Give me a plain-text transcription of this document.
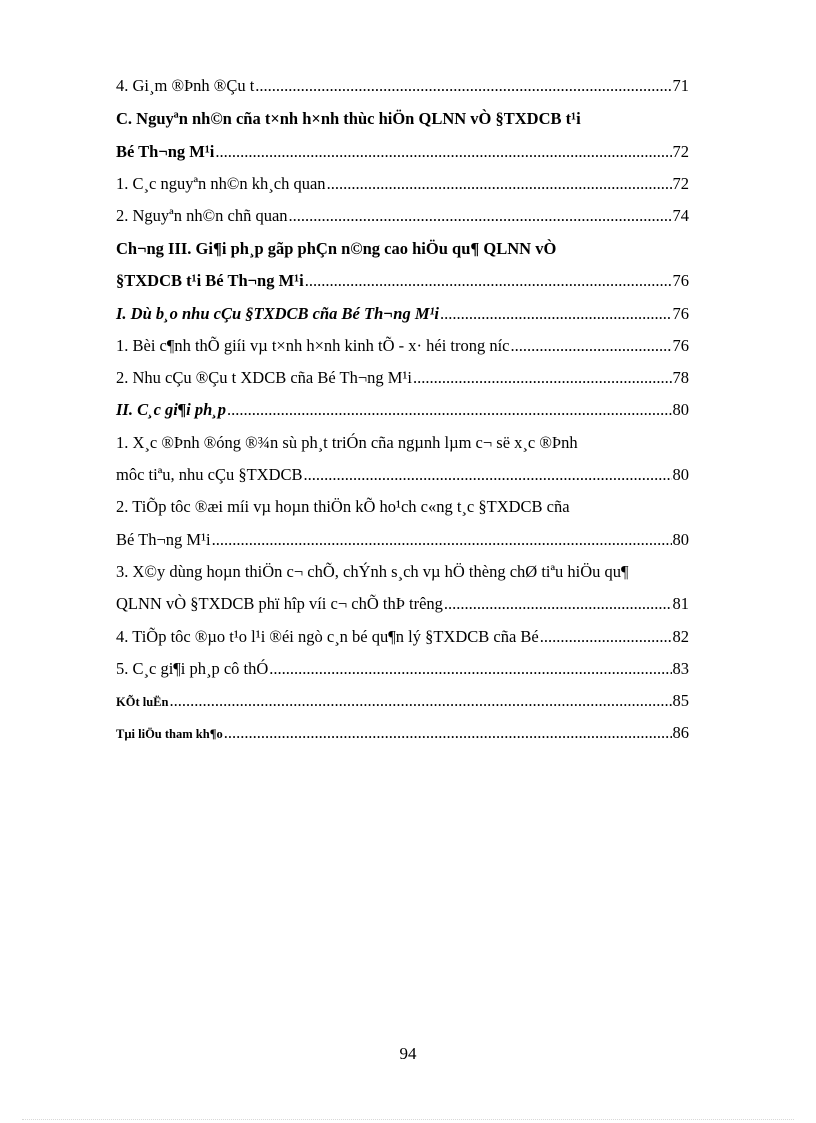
4. Gi¸m ®Þnh ®Çu t .....	71
C. Nguyªn nh©n cña t×nh h×nh thùc hiÖn QLNN vÒ §TXDCB t¹i
Bé Th¬ng M¹i .....	72
1. C¸c nguyªn nh©n kh¸ch quan .....	72
2. Nguyªn nh©n chñ quan .....	74
Ch¬ng III. Gi¶i ph¸p gãp phÇn n©ng cao hiÖu qu¶ QLNN vÒ
§TXDCB t¹i Bé Th¬ng M¹i .....	76
I. Dù b¸o nhu cÇu §TXDCB cña Bé Th¬ng M¹i .....	76
1. Bèi c¶nh thÕ giíi vµ t×nh h×nh kinh tÕ - x· héi trong níc .....	76
2. Nhu cÇu ®Çu t XDCB cña Bé Th¬ng M¹i .....	78
II. C¸c gi¶i ph¸p .....	80
1. X¸c ®Þnh ®óng ®¾n sù ph¸t triÓn cña ngµnh lµm c¬ së x¸c ®Þnh
môc tiªu, nhu cÇu §TXDCB .....	80
2. TiÕp tôc ®æi míi vµ hoµn thiÖn kÕ ho¹ch c«ng t¸c §TXDCB cña
Bé Th¬ng M¹i .....	80
3. X©y dùng hoµn thiÖn c¬ chÕ, chÝnh s¸ch vµ hÖ thèng chØ tiªu hiÖu qu¶
QLNN vÒ §TXDCB phï hîp víi c¬ chÕ thÞ trêng .....	81
4. TiÕp tôc ®µo t¹o l¹i ®éi ngò c¸n bé qu¶n lý §TXDCB cña Bé .....	82
5. C¸c gi¶i ph¸p cô thÓ .....	83
KÕt luËn .....	85
Tµi liÖu tham kh¶o .....	86
94
